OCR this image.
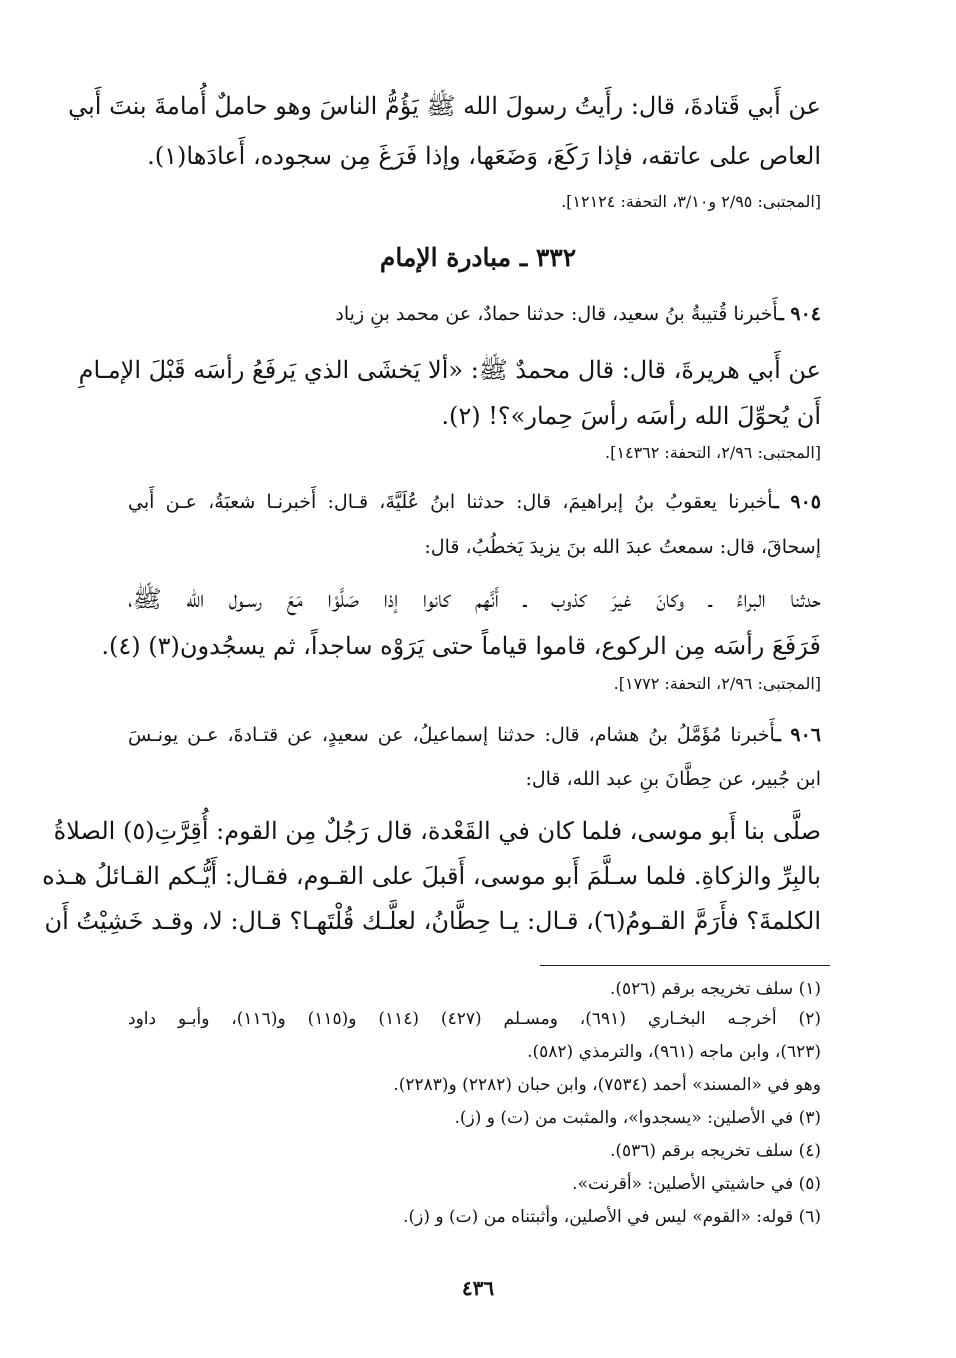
عن أَبي قَتادةَ، قال: رأَيتُ رسولَ الله ﷺ يَؤُمُّ الناسَ وهو حاملٌ أُمامةَ بنتَ أَبي
العاص على عاتقه، فإذا رَكَعَ، وَضَعَها، وإذا فَرَغَ مِن سجوده، أَعادَها(١).
[المجتبى: ٢/٩٥ و٣/١٠، التحفة: ١٢١٢٤].
٣٣٢ ـ مبادرة الإمام
٩٠٤ ـأَخبرنا قُتيبةُ بنُ سعيد، قال: حدثنا حمادٌ، عن محمد بنِ زياد
عن أَبي هريرةَ، قال: قال محمدٌ ﷺ: «ألا يَخشَى الذي يَرفَعُ رأسَه قَبْلَ الإمـامِ
أَن يُحوِّلَ الله رأسَه رأسَ حِمار»؟! (٢).
[المجتبى: ٢/٩٦، التحفة: ١٤٣٦٢].
٩٠٥ ـأخبرنا يعقوبُ بنُ إبراهيمَ، قال: حدثنا ابنُ عُلَيَّةَ، قـال: أَخبرنـا شعبَةُ، عـن أَبي
إسحاقَ، قال: سمعتُ عبدَ الله بنَ يزيدَ يَخطُبُ، قال:
حدثنا البراءُ ـ وكانَ غيرَ كذوب ـ أَنَّهم كانوا إذا صَلَّوْا مَعَ رسـول الله ﷺ،
فَرَفَعَ رأسَه مِن الركوع، قاموا قياماً حتى يَرَوْه ساجداً، ثم يسجُدون(٣) (٤).
[المجتبى: ٢/٩٦، التحفة: ١٧٧٢].
٩٠٦ ـأَخبرنا مُؤَمَّلُ بنُ هشام، قال: حدثنا إسماعيلُ، عن سعيدٍ، عن قتـادةَ، عـن يونـسَ
ابن جُبير، عن حِطَّانَ بنِ عبد الله، قال:
صلَّى بنا أَبو موسى، فلما كان في القَعْدة، قال رَجُلٌ مِن القوم: أُقِرَّتِ(٥) الصلاةُ
بالبِرِّ والزكاةِ. فلما سـلَّمَ أَبو موسى، أَقبلَ على القـوم، فقـال: أَيُّـكم القـائلُ هـذه
الكلمةَ؟ فأَرَمَّ القـومُ(٦)، قـال: يـا حِطَّانُ، لعلَّـك قُلْتَهـا؟ قـال: لا، وقـد خَشِيْتُ أَن
(١) سلف تخريجه برقم (٥٢٦).
(٢) أخرجـه البخـاري (٦٩١)، ومسـلم (٤٢٧) (١١٤) و(١١٥) و(١١٦)، وأبـو داود
(٦٢٣)، وابن ماجه (٩٦١)، والترمذي (٥٨٢).
وهو في «المسند» أحمد (٧٥٣٤)، وابن حبان (٢٢٨٢) و(٢٢٨٣).
(٣) في الأصلين: «يسجدوا»، والمثبت من (ت) و (ز).
(٤) سلف تخريجه برقم (٥٣٦).
(٥) في حاشيتي الأصلين: «أقرنت».
(٦) قوله: «القوم» ليس في الأصلين، وأثبتناه من (ت) و (ز).
٤٣٦
